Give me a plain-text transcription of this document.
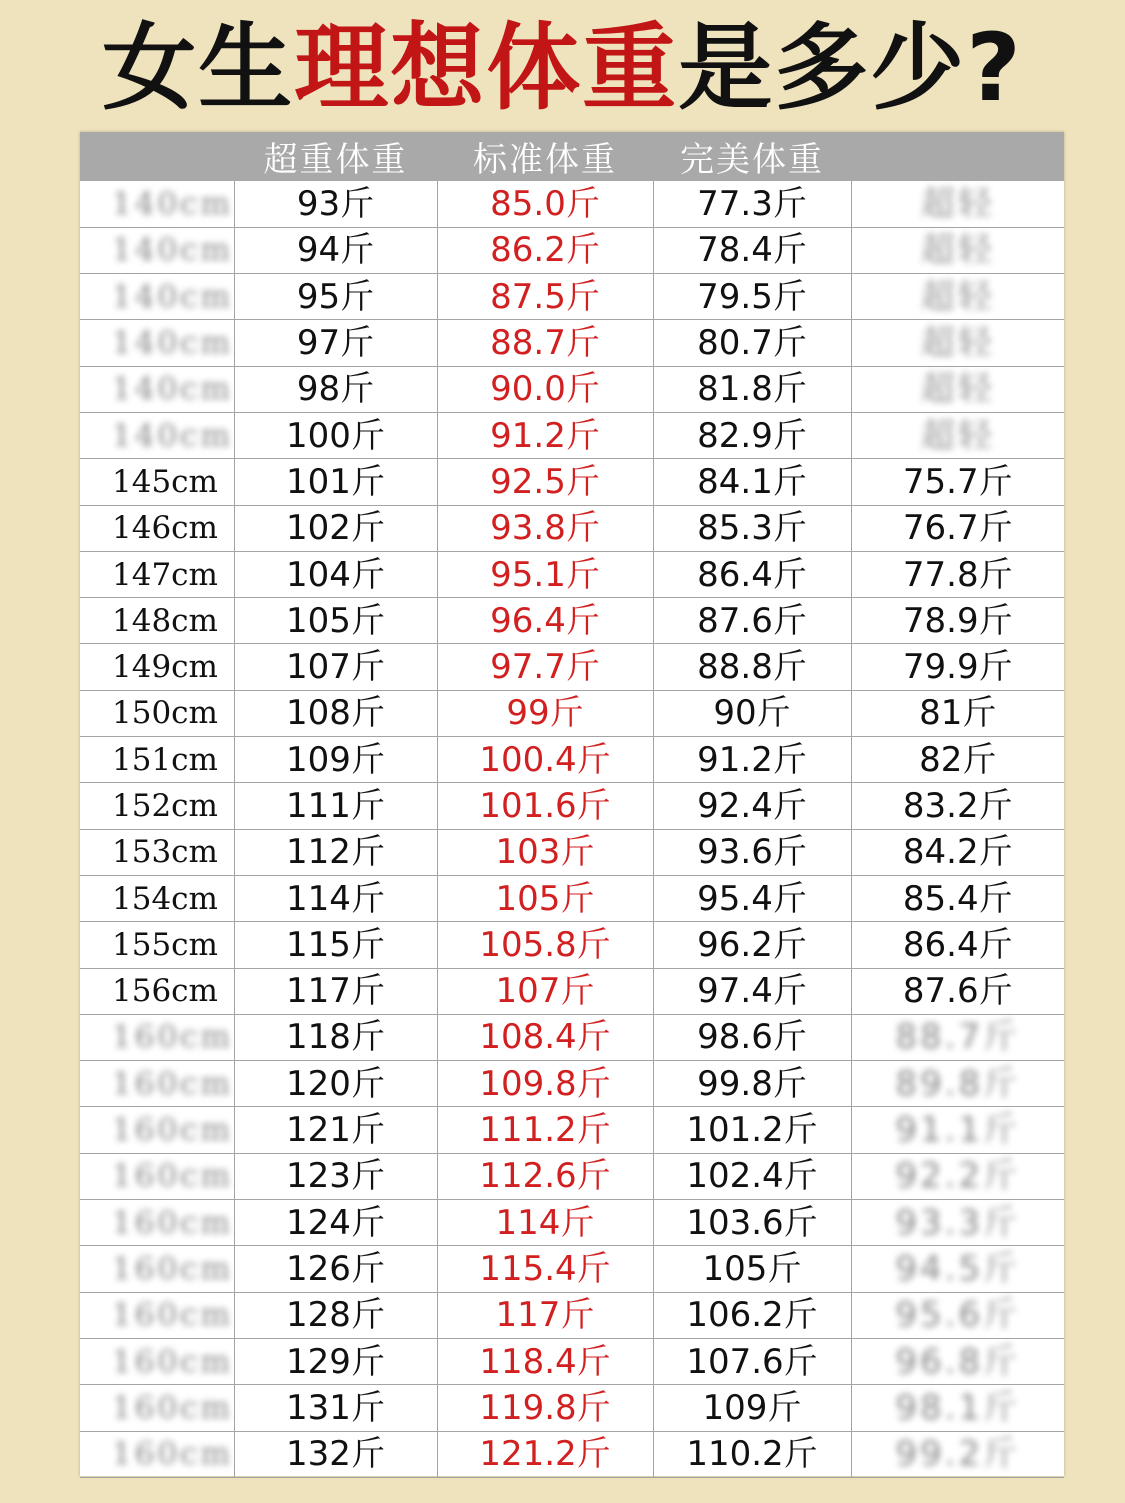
女生理想体重是多少?
	超重体重	标准体重	完美体重	
140cm	93斤	85.0斤	77.3斤	超轻
140cm	94斤	86.2斤	78.4斤	超轻
140cm	95斤	87.5斤	79.5斤	超轻
140cm	97斤	88.7斤	80.7斤	超轻
140cm	98斤	90.0斤	81.8斤	超轻
140cm	100斤	91.2斤	82.9斤	超轻
145cm	101斤	92.5斤	84.1斤	75.7斤
146cm	102斤	93.8斤	85.3斤	76.7斤
147cm	104斤	95.1斤	86.4斤	77.8斤
148cm	105斤	96.4斤	87.6斤	78.9斤
149cm	107斤	97.7斤	88.8斤	79.9斤
150cm	108斤	99斤	90斤	81斤
151cm	109斤	100.4斤	91.2斤	82斤
152cm	111斤	101.6斤	92.4斤	83.2斤
153cm	112斤	103斤	93.6斤	84.2斤
154cm	114斤	105斤	95.4斤	85.4斤
155cm	115斤	105.8斤	96.2斤	86.4斤
156cm	117斤	107斤	97.4斤	87.6斤
160cm	118斤	108.4斤	98.6斤	88.7斤
160cm	120斤	109.8斤	99.8斤	89.8斤
160cm	121斤	111.2斤	101.2斤	91.1斤
160cm	123斤	112.6斤	102.4斤	92.2斤
160cm	124斤	114斤	103.6斤	93.3斤
160cm	126斤	115.4斤	105斤	94.5斤
160cm	128斤	117斤	106.2斤	95.6斤
160cm	129斤	118.4斤	107.6斤	96.8斤
160cm	131斤	119.8斤	109斤	98.1斤
160cm	132斤	121.2斤	110.2斤	99.2斤
